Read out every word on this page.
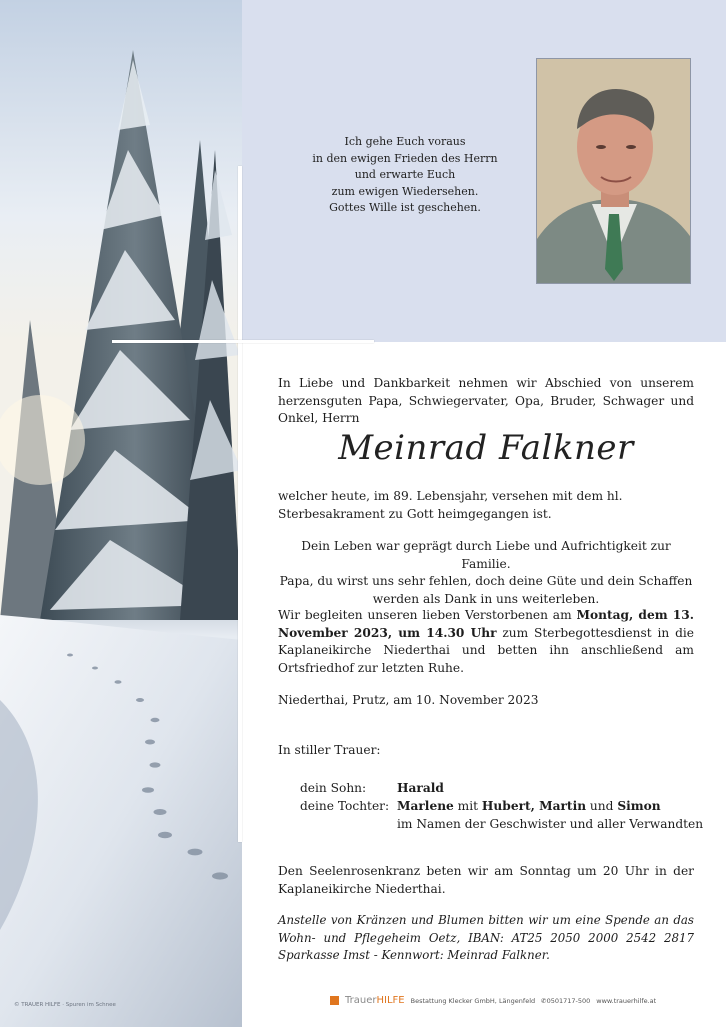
© TRAUER HILFE · Spuren im Schnee
Ich gehe Euch voraus
in den ewigen Frieden des Herrn
und erwarte Euch
zum ewigen Wiedersehen.
Gottes Wille ist geschehen.
In Liebe und Dankbarkeit nehmen wir Abschied von unserem herzensguten Papa, Schwiegervater, Opa, Bruder, Schwager und Onkel, Herrn
Meinrad Falkner
welcher heute, im 89. Lebensjahr, versehen mit dem hl. Sterbesakrament zu Gott heimgegangen ist.
Dein Leben war geprägt durch Liebe und Aufrichtigkeit zur Familie.
Papa, du wirst uns sehr fehlen, doch deine Güte und dein Schaffen
werden als Dank in uns weiterleben.
Wir begleiten unseren lieben Verstorbenen am Montag, dem 13. November 2023, um 14.30 Uhr zum Sterbegottesdienst in die Kaplaneikirche Niederthai und betten ihn anschließend am Ortsfriedhof zur letzten Ruhe.
Niederthai, Prutz, am 10. November 2023
In stiller Trauer:
dein Sohn:	Harald
deine Tochter: Marlene mit Hubert, Martin und Simon
im Namen der Geschwister und aller Verwandten
Den Seelenrosenkranz beten wir am Sonntag um 20 Uhr in der Kaplaneikirche Niederthai.
Anstelle von Kränzen und Blumen bitten wir um eine Spende an das Wohn- und Pflegeheim Oetz, IBAN: AT25 2050 2000 2542 2817 Sparkasse Imst - Kennwort: Meinrad Falkner.
TrauerHILFE Bestattung Klecker GmbH, Längenfeld ✆0501717-500 www.trauerhilfe.at
